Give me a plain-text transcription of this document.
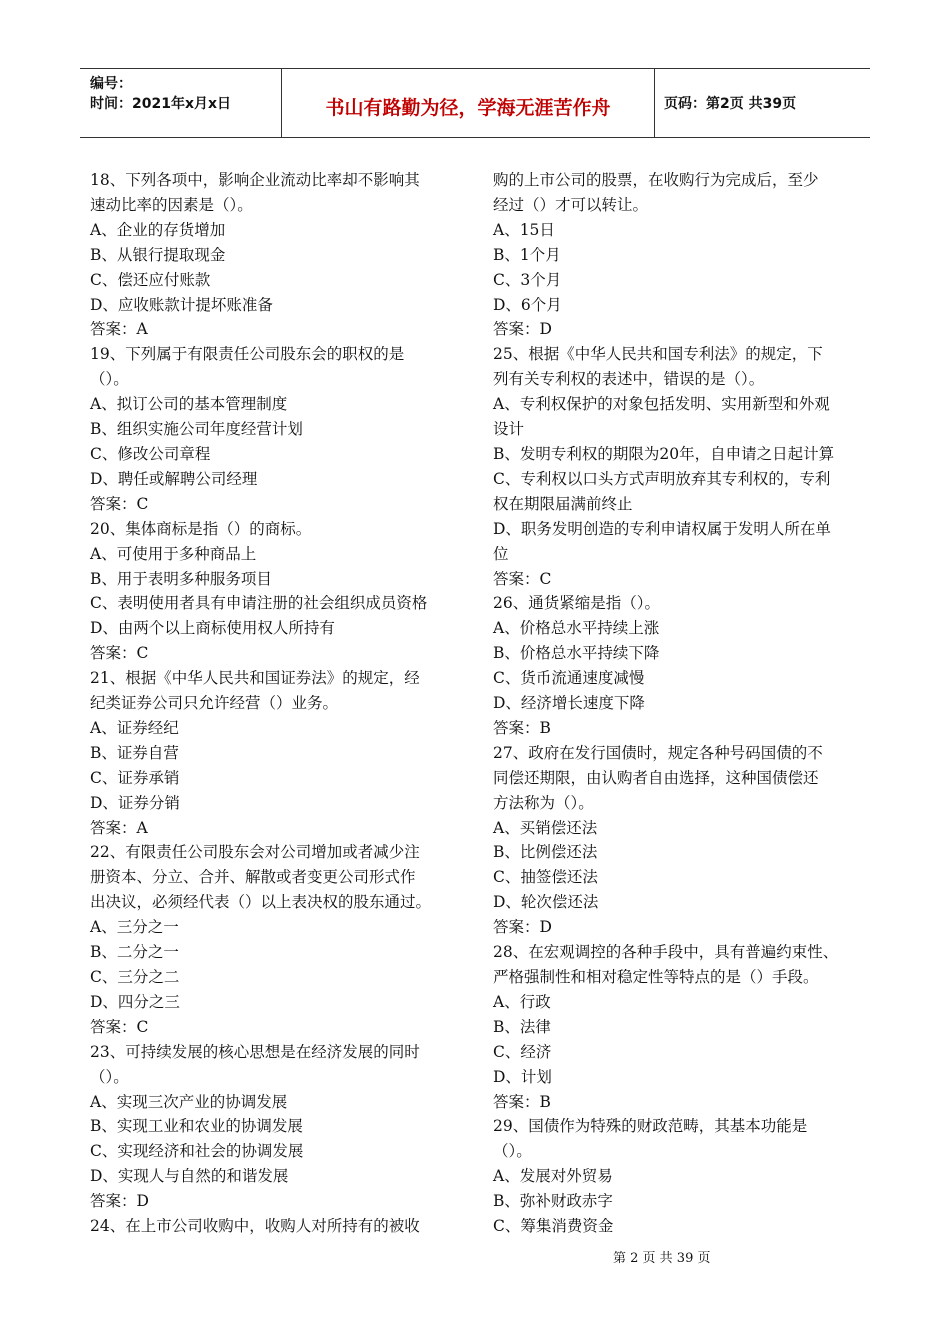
编号：
时间：2021年x月x日	书山有路勤为径，学海无涯苦作舟	页码：第2页 共39页
18、下列各项中，影响企业流动比率却不影响其
速动比率的因素是（）。
A、企业的存货增加
B、从银行提取现金
C、偿还应付账款
D、应收账款计提坏账准备
答案：A
19、下列属于有限责任公司股东会的职权的是
（）。
A、拟订公司的基本管理制度
B、组织实施公司年度经营计划
C、修改公司章程
D、聘任或解聘公司经理
答案：C
20、集体商标是指（）的商标。
A、可使用于多种商品上
B、用于表明多种服务项目
C、表明使用者具有申请注册的社会组织成员资格
D、由两个以上商标使用权人所持有
答案：C
21、根据《中华人民共和国证券法》的规定，经
纪类证券公司只允许经营（）业务。
A、证券经纪
B、证券自营
C、证券承销
D、证券分销
答案：A
22、有限责任公司股东会对公司增加或者减少注
册资本、分立、合并、解散或者变更公司形式作
出决议，必须经代表（）以上表决权的股东通过。
A、三分之一
B、二分之一
C、三分之二
D、四分之三
答案：C
23、可持续发展的核心思想是在经济发展的同时
（）。
A、实现三次产业的协调发展
B、实现工业和农业的协调发展
C、实现经济和社会的协调发展
D、实现人与自然的和谐发展
答案：D
24、在上市公司收购中，收购人对所持有的被收
购的上市公司的股票，在收购行为完成后，至少
经过（）才可以转让。
A、15日
B、1个月
C、3个月
D、6个月
答案：D
25、根据《中华人民共和国专利法》的规定，下
列有关专利权的表述中，错误的是（）。
A、专利权保护的对象包括发明、实用新型和外观
设计
B、发明专利权的期限为20年，自申请之日起计算
C、专利权以口头方式声明放弃其专利权的，专利
权在期限届满前终止
D、职务发明创造的专利申请权属于发明人所在单
位
答案：C
26、通货紧缩是指（）。
A、价格总水平持续上涨
B、价格总水平持续下降
C、货币流通速度减慢
D、经济增长速度下降
答案：B
27、政府在发行国债时，规定各种号码国债的不
同偿还期限，由认购者自由选择，这种国债偿还
方法称为（）。
A、买销偿还法
B、比例偿还法
C、抽签偿还法
D、轮次偿还法
答案：D
28、在宏观调控的各种手段中，具有普遍约束性、
严格强制性和相对稳定性等特点的是（）手段。
A、行政
B、法律
C、经济
D、计划
答案：B
29、国债作为特殊的财政范畴，其基本功能是
（）。
A、发展对外贸易
B、弥补财政赤字
C、筹集消费资金
第 2 页 共 39 页
